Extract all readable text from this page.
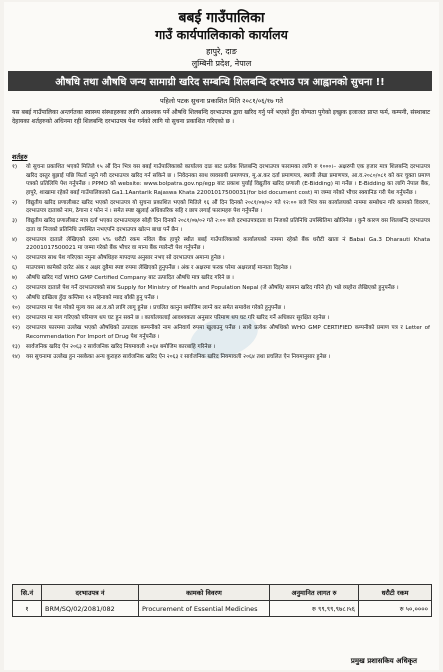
बबई गाउँपालिका
गाउँ कार्यपालिकाको कार्यालय
हापुरे, दाङ
लुम्बिनी प्रदेश, नेपाल
औषधि तथा औषधि जन्य सामाग्री खरिद सम्बन्धि शिलबन्दि दरभाउ पत्र आह्वानको सुचना !!
पहिलो पटक सुचना प्रकाशित मिति २०८१/०६/१७ गते
यस बबई गाउँपालिका अन्तर्गतका स्वास्थ्य संस्थाहरुका लागि आवश्यक पर्ने औषधि शिलबन्दि दरभाउपत्र द्वारा खरिद गर्नु पर्ने भएको हुँदा योग्यता पुगेको इच्छुक इजाजत प्राप्त फर्म, कम्पनी, संस्थाबाट देहायका शर्तहरुको अधिनमा रही शिलबन्दि दरभाउपत्र पेश गर्नको लागि यो सुचना प्रकाशित गरिएको छ ।
शर्तहरु
१)	यो सुचना प्रकाशित भएको मितिले १५ औं दिन भित्र यस बबई गाउँपालिकाको कार्यालय दाङ बाट प्रत्येक शिलबन्दि दरभाउपत्र फारामका लागि रु १०००।– अक्षरुपी एक हजार मात्र शिलबन्दि दरभाउपत्र खरिद दस्तुर बुझाई पछि फिर्ता नहुने गरी दरभाउपत्र खरिद गर्न सकिने छ । निवेदनका साथ व्यवसायी प्रमाणपत्र, मू.अ.कर दर्ता प्रमाणपत्र, स्थायी लेखा प्रमाणपत्र, आ.व.२०८०/०८१ को कर चुक्ता प्रमाण पत्रको प्रतिलिपि पेश गर्नुपर्नेछ । PPMO को website: www.bolpatra.gov.np/egp बाट प्रकाश पुर्याई विद्युतीय खरिद प्रणाली (E-Bidding) मा गर्नेछ । E-Bidding का लागि नेपाल बैंक, हापुरे, शाखामा रहेको बबई गाउँपालिकाको Ga1.1Aantarik Rajaswa Khata 22001017500031(for bid document cost) मा जम्मा गरेको भौचर स्क्यानिङ गरी पेश गर्नुपर्नेछ ।
२)	विद्युतीय खरिद प्रणालीबाट खरिद भएको दरभाउपत्र यो सुचना प्रकाशित भएको मितिले १६ औं दिन दिनको २०८१/०७/०२ गते १२:०० बजे भित्र यस कार्यालयको नाममा सम्बोधन गरि कामको विवरण, दरभाउपत्र दाताको नाम, ठेगाना र फोन नं । समेत स्पष्ट खुलाई अधिकारिक सहि र छाप लगाई फारामहरु पेश गर्नुपर्नेछ ।
३)	विद्युतीय खरिद प्रणालीबाट मात्र दर्ता भएका दरभाउपत्रहरु सोही दिन दिनको २०८१/०७/०२ गते २:०० बजे दरभाउपत्रदाता वा निजको प्रतिनिधि उपस्थितिमा खोलिनेछ । कुनै कारण वस शिलबन्दि दरभाउपत्र दाता वा निजको प्रतिनिधि उपस्थित नभएपनि दरभाउपत्र खोल्न बाधा पर्ने छैन ।
४)	दरभाउपत्र दाताले लेखिएको दरमा ५% धरौटी रकम नविल बैंक हापुरे स्थीत बबई गाउँपालिकाको कार्यालयको नाममा रहेको बैंक धरौटी खाता नं Babai Ga.3 Dharauti Khata 22001017500021 मा जम्मा गरेको बैंक भौचर वा मान्य बैंक ग्यारेन्टी पेश गर्नुपर्नेछ ।
५)	दरभाउपत्र साथ पेश गरिएका नमुना औषधिहरु मापदण्ड अनुसार नभए सो दरभाउपत्र अमान्य हुनेछ ।
६)	माउपत्रमा कामेको दररेट अंक र अक्षर दुबैमा स्पष्ट रुपमा लेखिएको हुनुपर्नेछ । अंक र अक्षरमा फरक परेमा अक्षरलाई मान्यता दिइनेछ ।
७)	औषधि खरिद गर्दा WHO GMP Certified Company बाट उत्पादित औषधि मात्र खरिद गरिने छ ।
८)	दरभाउपत्र दाताले पेश गर्ने दरभाउपत्रको साथ Supply for Ministry of Health and Population Nepal (जे औषधि/ सामान खरिद गरिने हो) भन्ने व्यहोरा लेखिएको हुनुपर्नेछ ।
९)	औषधि दाखिला हुँदा कम्तिमा १२ महिनाको म्याद बाँकी हुनु पर्नेछ ।
१०)	दरभाउपत्र मा पेश गरेको मूल्य यस आ.व.को लागि लागू हुनेछ । प्रचलित कानुन बमोजिम लाग्ने कर समेत समावेश गरेको हुनुपर्नेछ ।
११)	दरभाउपत्र मा माग गरिएको परिमाण थप घट हुन सक्ने छ । कार्यालयलाई आवश्यकता अनुसार परिमाण थप घट गरि खरिद गर्ने अधिकार सुरक्षित रहनेछ ।
१२)	दरभाउपत्र फारममा उल्लेख भएको औषधिको उत्पादक कम्पनीको नाम अनिवार्य रुपमा खुलाउनु पर्नेछ । साथै प्रत्येक औषधिको WHO GMP CERTIFIED कम्पनीको प्रमाण पत्र र Letter of Recommendation For Import of Drug पेश गर्नुपर्नेछ ।
१३)	सार्वजनिक खरिद ऐन २०६३ र सार्वजनिक खरिद नियमावली २०६४ बमोजिम कारबाहि गरिनेछ ।
१४)	यस सुचनामा उल्लेख हुन नसकेका अन्य कुराहरु सार्वजनिक खरिद ऐन २०६३ र सार्वजनिक खरिद नियमावली २०६४ तथा प्रचलित ऐन नियमानुसार हुनेछ ।
सि.नं	दरभाउपत्र नं	कामको विवरण	अनुमानित लागत रु	धरौटी रकम
१	BRM/SQ/02/2081/082	Procurement of Essential Medicines	रु ९९,९९,९७८।५६	रु ५०,००००
प्रमुख प्रशासकिय अधिकृत
